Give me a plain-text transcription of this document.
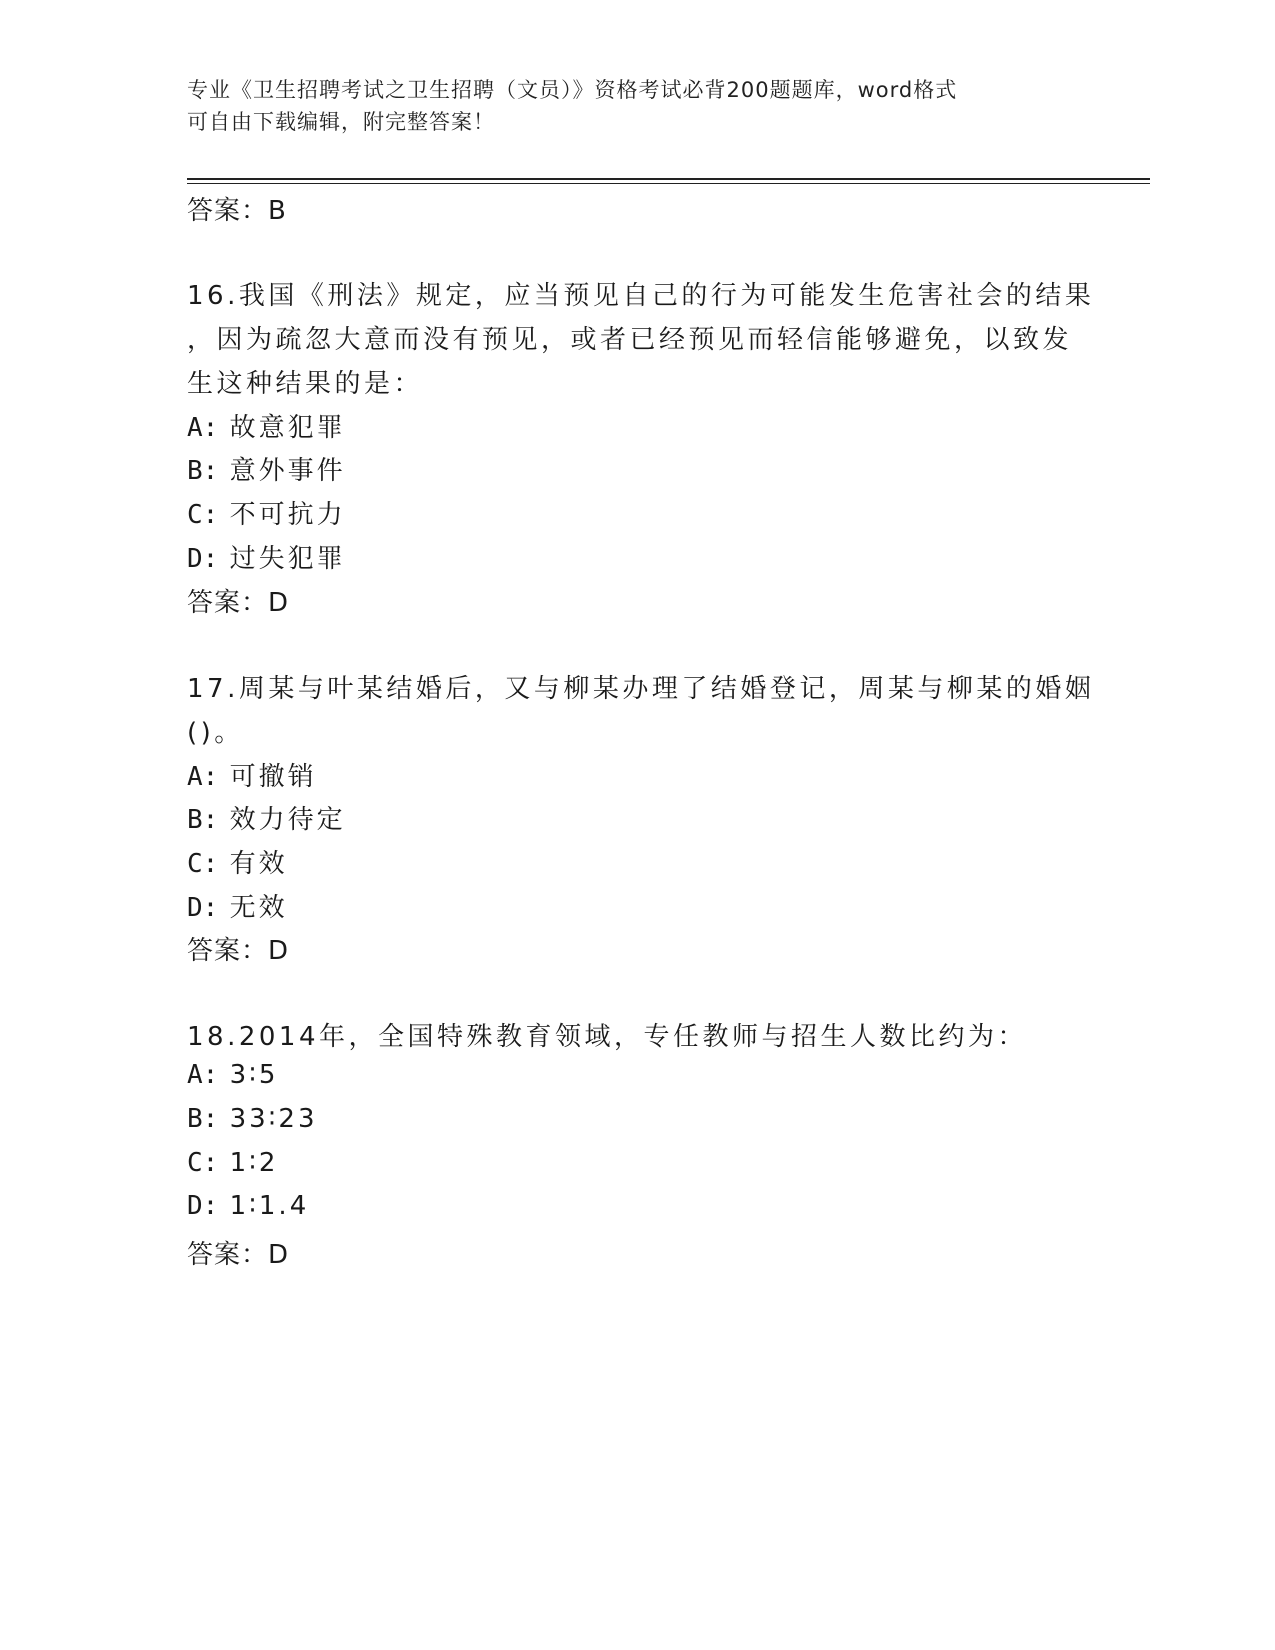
专业《卫生招聘考试之卫生招聘（文员）》资格考试必背200题题库，word格式
可自由下载编辑，附完整答案！
答案：B
16.我国《刑法》规定，应当预见自己的行为可能发生危害社会的结果
，因为疏忽大意而没有预见，或者已经预见而轻信能够避免，以致发
生这种结果的是：
A: 故意犯罪
B: 意外事件
C: 不可抗力
D: 过失犯罪
答案：D
17.周某与叶某结婚后，又与柳某办理了结婚登记，周某与柳某的婚姻
()。
A: 可撤销
B: 效力待定
C: 有效
D: 无效
答案：D
18.2014年，全国特殊教育领域，专任教师与招生人数比约为：
A: 3∶5
B: 33∶23
C: 1∶2
D: 1∶1.4
答案：D
